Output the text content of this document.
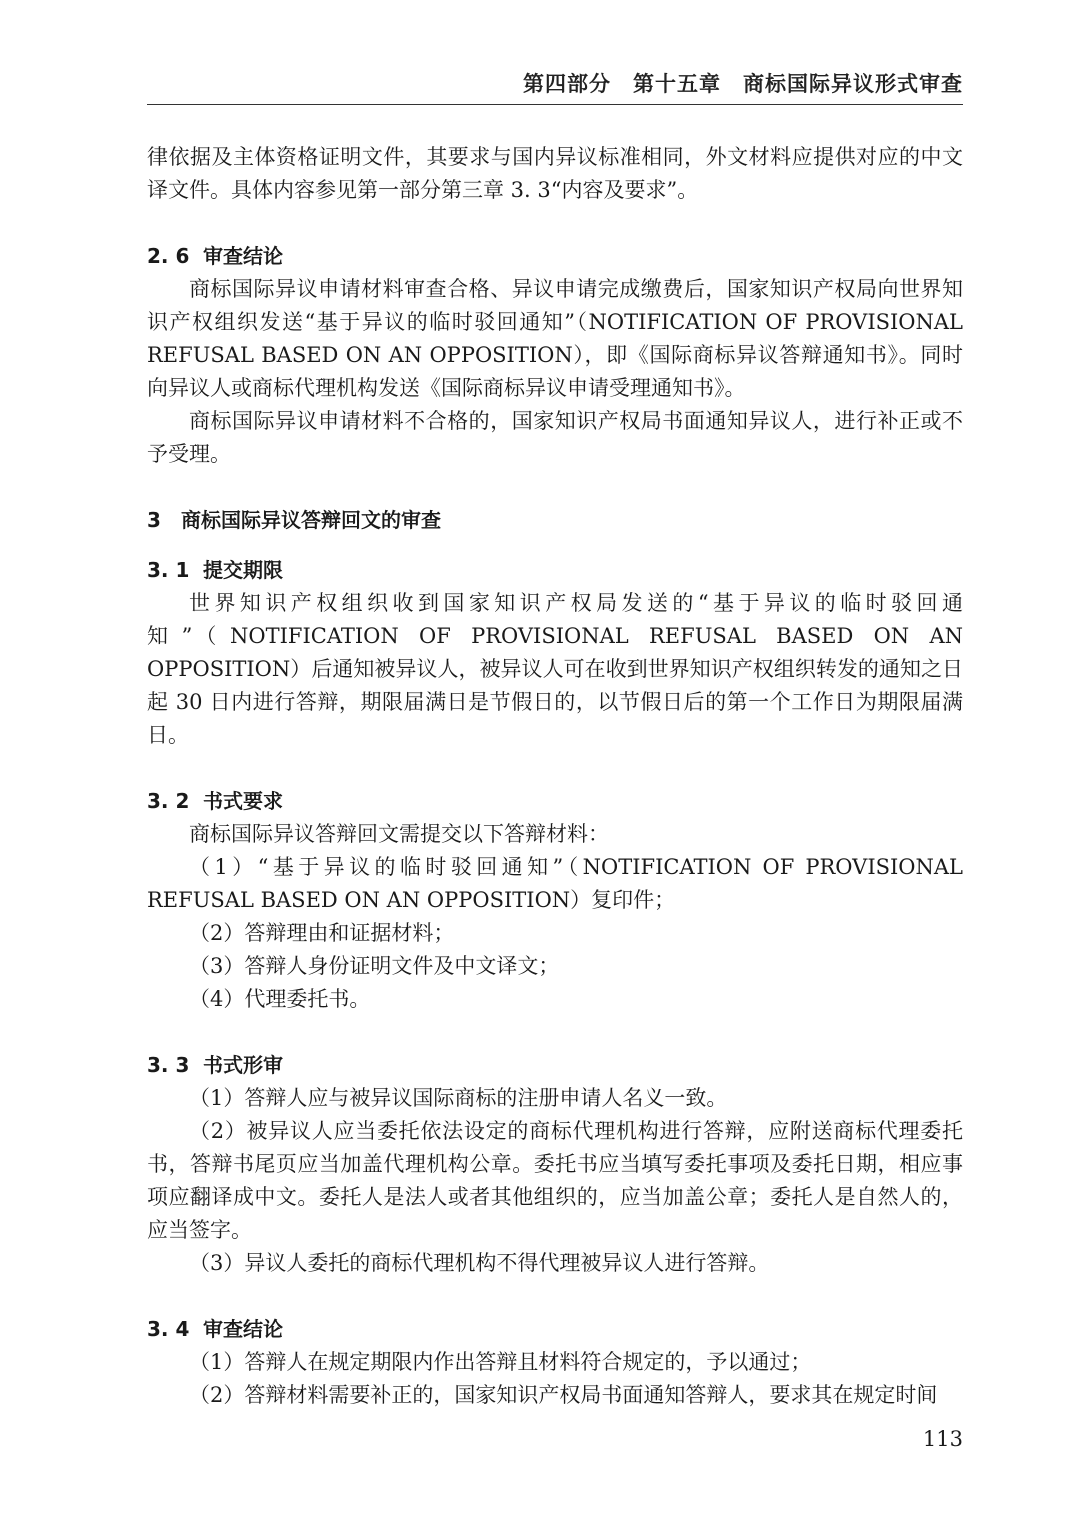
第四部分　第十五章　商标国际异议形式审查

律依据及主体资格证明文件，其要求与国内异议标准相同，外文材料应提供对应的中文译文件。具体内容参见第一部分第三章 3. 3“内容及要求”。

2. 6 审查结论

商标国际异议申请材料审查合格、异议申请完成缴费后，国家知识产权局向世界知识产权组织发送“基于异议的临时驳回通知”（NOTIFICATION OF PROVISIONAL REFUSAL BASED ON AN OPPOSITION），即《国际商标异议答辩通知书》。同时向异议人或商标代理机构发送《国际商标异议申请受理通知书》。

商标国际异议申请材料不合格的，国家知识产权局书面通知异议人，进行补正或不予受理。

3 商标国际异议答辩回文的审查
3. 1 提交期限

世界知识产权组织收到国家知识产权局发送的“基于异议的临时驳回通知”（NOTIFICATION OF PROVISIONAL REFUSAL BASED ON AN OPPOSITION）后通知被异议人，被异议人可在收到世界知识产权组织转发的通知之日起 30 日内进行答辩，期限届满日是节假日的，以节假日后的第一个工作日为期限届满日。

3. 2 书式要求

商标国际异议答辩回文需提交以下答辩材料：

（1）“基于异议的临时驳回通知”（NOTIFICATION OF PROVISIONAL REFUSAL BASED ON AN OPPOSITION）复印件；

（2）答辩理由和证据材料；

（3）答辩人身份证明文件及中文译文；

（4）代理委托书。

3. 3 书式形审

（1）答辩人应与被异议国际商标的注册申请人名义一致。

（2）被异议人应当委托依法设定的商标代理机构进行答辩，应附送商标代理委托书，答辩书尾页应当加盖代理机构公章。委托书应当填写委托事项及委托日期，相应事项应翻译成中文。委托人是法人或者其他组织的，应当加盖公章；委托人是自然人的，应当签字。

（3）异议人委托的商标代理机构不得代理被异议人进行答辩。

3. 4 审查结论

（1）答辩人在规定期限内作出答辩且材料符合规定的，予以通过；

（2）答辩材料需要补正的，国家知识产权局书面通知答辩人，要求其在规定时间

113
